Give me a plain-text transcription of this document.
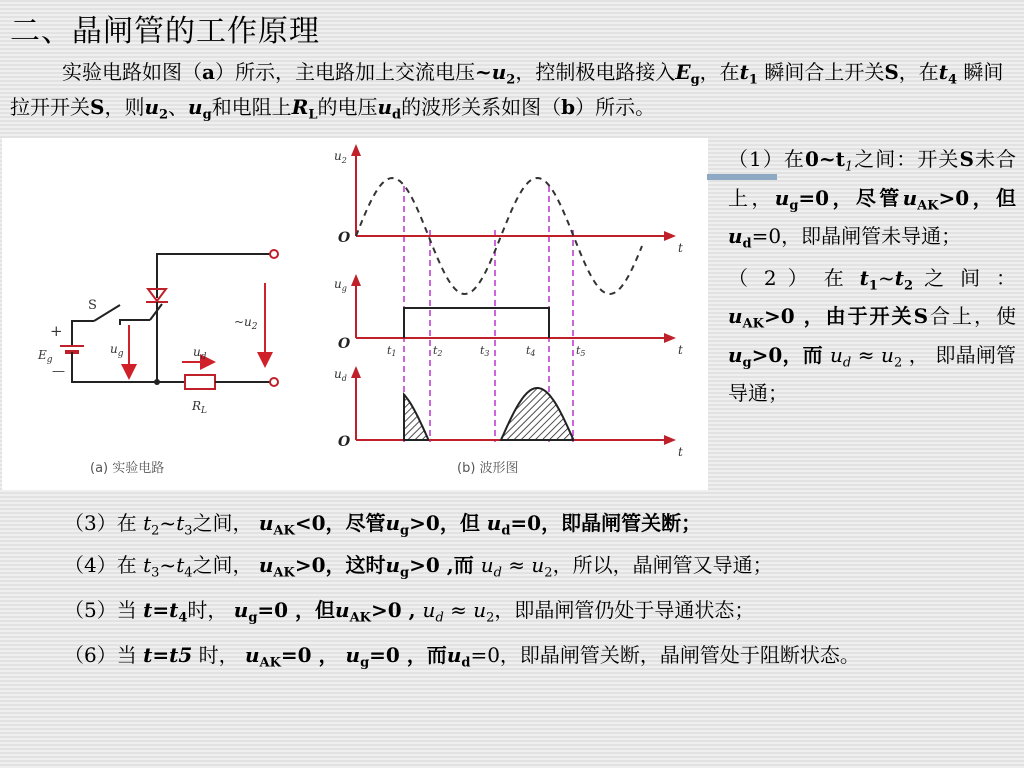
二、晶闸管的工作原理
实验电路如图（a）所示，主电路加上交流电压$\sim u_2$，控制极电路接入$E_g$，在$t_1$ 瞬间合上开关S，在$t_4$ 瞬间拉开开关S，则$u_2$、$u_g$和电阻上$R_L$的电压$u_d$的波形关系如图（b）所示。
S
+
—
$E_g$
$u_g$	$u_d$
$R_L$
$\sim u_2$
$u_2$
$u_g$
$u_d$
O
O
O
t
t
t
t1	t2	t3	t4	t5
(a) 实验电路	(b) 波形图

（1）在$0\sim t_1$之间：开关S未合上，$u_g=0$，尽管$u_{AK}>0$，但$u_d=0$，即晶闸管未导通；

（ 2 ） 在 $t_1\sim t_2$ 之 间 ：$u_{AK}>0$ ，由于开关S合上，使$u_g>0$，而 $u_d \approx u_2$ ， 即晶闸管导通；

（3）在 $t_2\sim t_3$之间， $u_{AK}<0$，尽管$u_g>0$，但 $u_d=0$，即晶闸管关断；
（4）在 $t_3\sim t_4$之间， $u_{AK}>0$，这时$u_g>0$ ,而 $u_d \approx u_2$，所以，晶闸管又导通；
（5）当 $t=t_4$时， $u_g=0$ ，但$u_{AK}>0$ , $u_d \approx u_2$，即晶闸管仍处于导通状态；
（6）当 t=t5 时， $u_{AK}=0$ ， $u_g=0$ ，而$u_d=0$，即晶闸管关断，晶闸管处于阻断状态。
